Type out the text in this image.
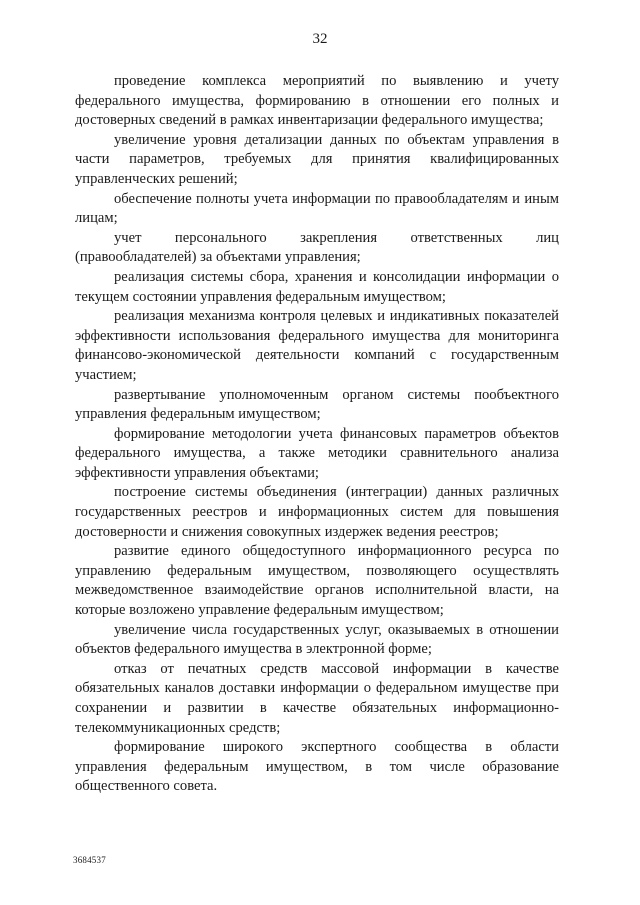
32

проведение комплекса мероприятий по выявлению и учету федерального имущества, формированию в отношении его полных и достоверных сведений в рамках инвентаризации федерального имущества;

увеличение уровня детализации данных по объектам управления в части параметров, требуемых для принятия квалифицированных управленческих решений;

обеспечение полноты учета информации по правообладателям и иным лицам;

учет персонального закрепления ответственных лиц (правообладателей) за объектами управления;

реализация системы сбора, хранения и консолидации информации о текущем состоянии управления федеральным имуществом;

реализация механизма контроля целевых и индикативных показателей эффективности использования федерального имущества для мониторинга финансово-экономической деятельности компаний с государственным участием;

развертывание уполномоченным органом системы пообъектного управления федеральным имуществом;

формирование методологии учета финансовых параметров объектов федерального имущества, а также методики сравнительного анализа эффективности управления объектами;

построение системы объединения (интеграции) данных различных государственных реестров и информационных систем для повышения достоверности и снижения совокупных издержек ведения реестров;

развитие единого общедоступного информационного ресурса по управлению федеральным имуществом, позволяющего осуществлять межведомственное взаимодействие органов исполнительной власти, на которые возложено управление федеральным имуществом;

увеличение числа государственных услуг, оказываемых в отношении объектов федерального имущества в электронной форме;

отказ от печатных средств массовой информации в качестве обязательных каналов доставки информации о федеральном имуществе при сохранении и развитии в качестве обязательных информационно-телекоммуникационных средств;

формирование широкого экспертного сообщества в области управления федеральным имуществом, в том числе образование общественного совета.

3684537
